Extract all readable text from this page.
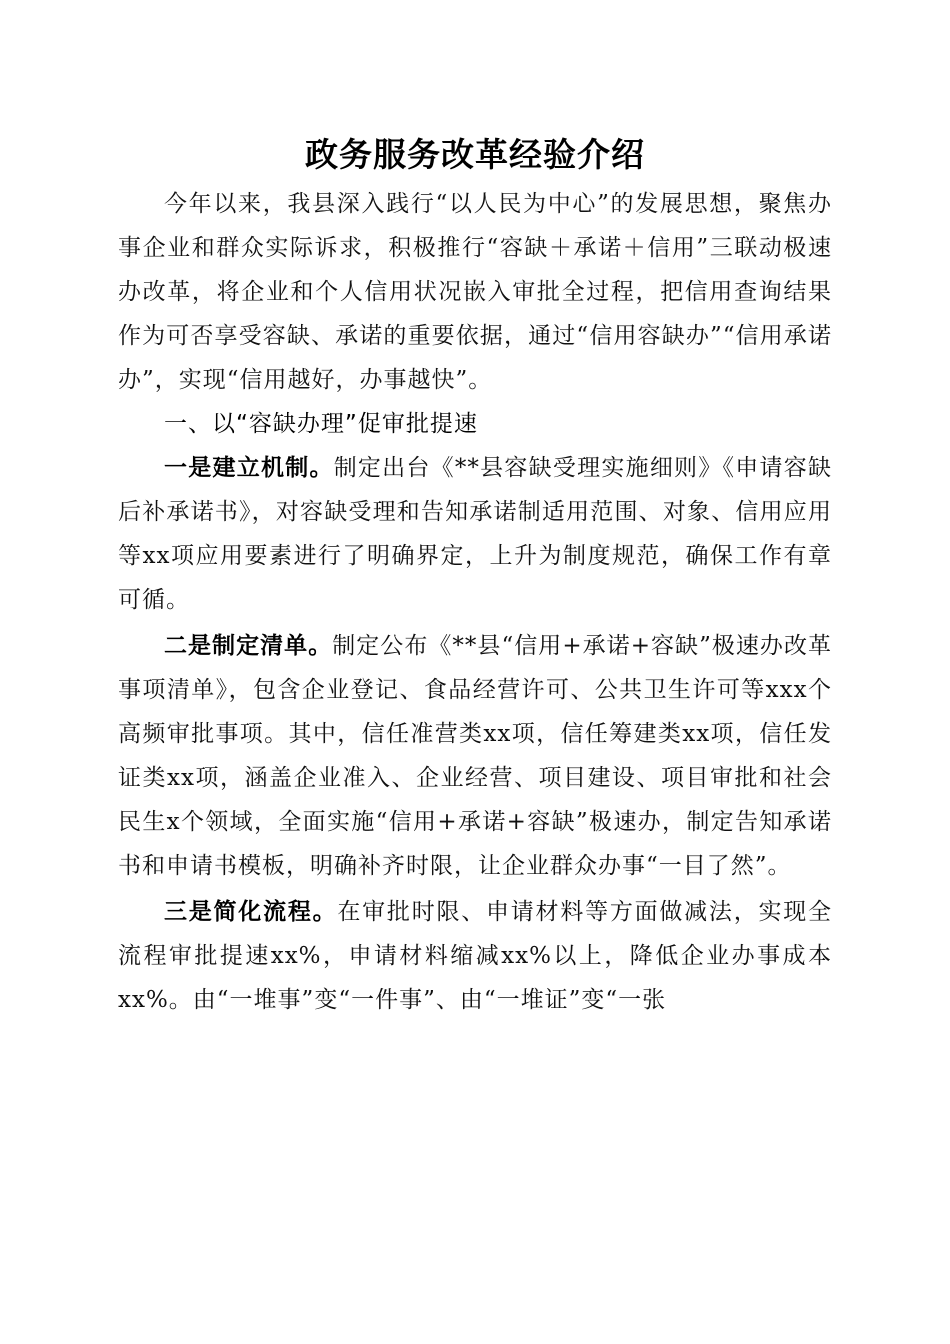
政务服务改革经验介绍

今年以来，我县深入践行“以人民为中心”的发展思想，聚焦办事企业和群众实际诉求，积极推行“容缺＋承诺＋信用”三联动极速办改革，将企业和个人信用状况嵌入审批全过程，把信用查询结果作为可否享受容缺、承诺的重要依据，通过“信用容缺办”“信用承诺办”，实现“信用越好，办事越快”。

一、以“容缺办理”促审批提速

一是建立机制。制定出台《**县容缺受理实施细则》《申请容缺后补承诺书》，对容缺受理和告知承诺制适用范围、对象、信用应用等xx项应用要素进行了明确界定，上升为制度规范，确保工作有章可循。

二是制定清单。制定公布《**县“信用+承诺+容缺”极速办改革事项清单》，包含企业登记、食品经营许可、公共卫生许可等xxx个高频审批事项。其中，信任准营类xx项，信任筹建类xx项，信任发证类xx项，涵盖企业准入、企业经营、项目建设、项目审批和社会民生x个领域，全面实施“信用+承诺+容缺”极速办，制定告知承诺书和申请书模板，明确补齐时限，让企业群众办事“一目了然”。

三是简化流程。在审批时限、申请材料等方面做减法，实现全流程审批提速xx%，申请材料缩减xx%以上，降低企业办事成本xx%。由“一堆事”变“一件事”、由“一堆证”变“一张
